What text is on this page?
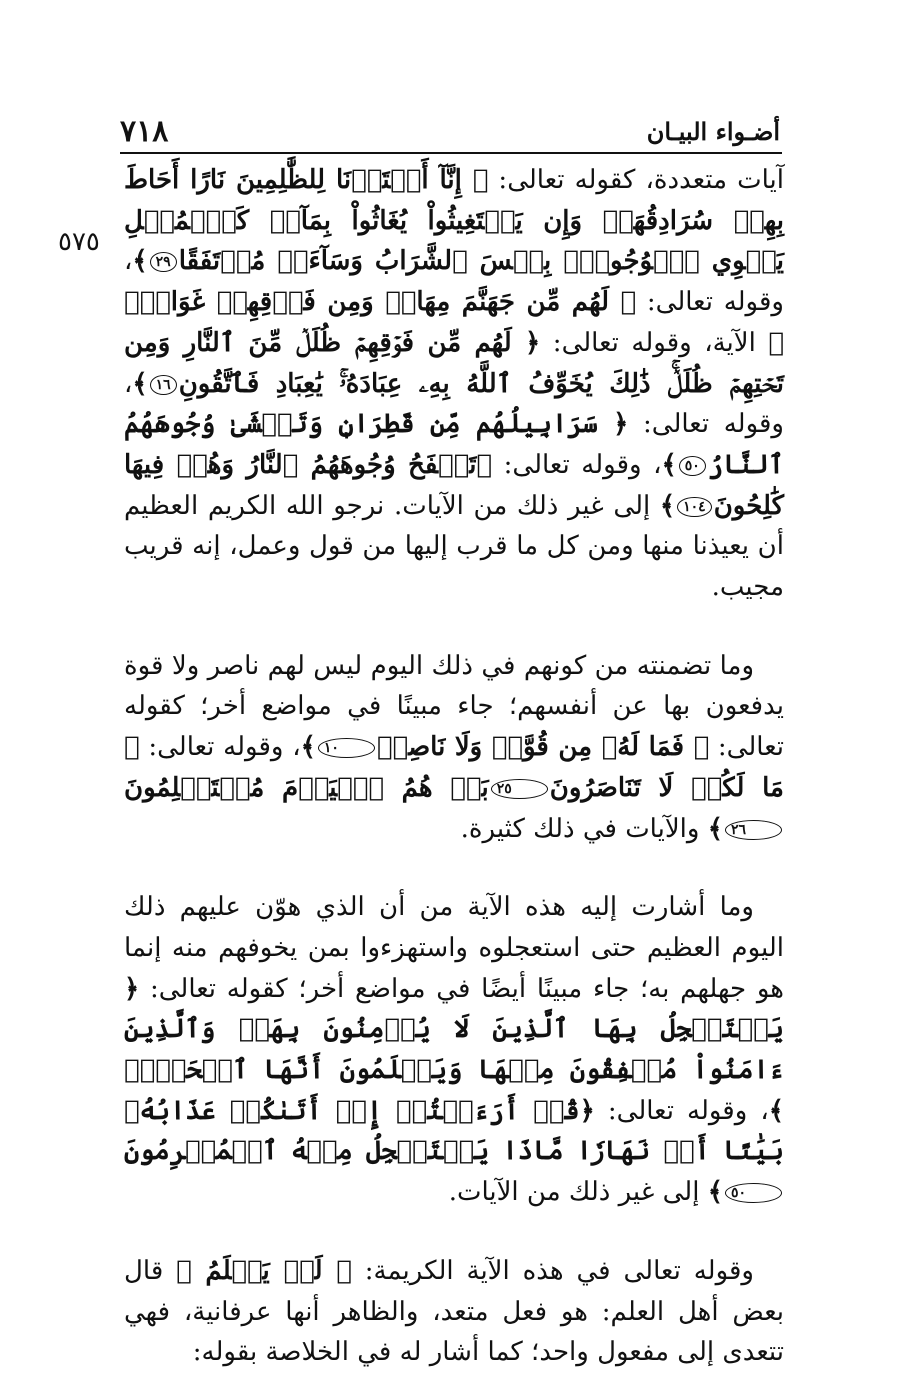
٧١٨	أضـواء البيـان
٥٧٥

آيات متعددة، كقوله تعالى: ﴿ إِنَّآ أَعۡتَدۡنَا لِلظَّٰلِمِينَ نَارًا أَحَاطَ بِهِمۡ سُرَادِقُهَاۚ وَإِن يَسۡتَغِيثُواْ يُغَاثُواْ بِمَآءٖ كَٱلۡمُهۡلِ يَشۡوِي ٱلۡوُجُوهَۚ بِئۡسَ ٱلشَّرَابُ وَسَآءَتۡ مُرۡتَفَقًا٢٩﴾، وقوله تعالى: ﴿ لَهُم مِّن جَهَنَّمَ مِهَادٞ وَمِن فَوۡقِهِمۡ غَوَاشٖۚ ﴾ الآية، وقوله تعالى: ﴿ لَهُم مِّن فَوۡقِهِمۡ ظُلَلٞ مِّنَ ٱلنَّارِ وَمِن تَحۡتِهِمۡ ظُلَلٞۚ ذَٰلِكَ يُخَوِّفُ ٱللَّهُ بِهِۦ عِبَادَهُۥۚ يَٰعِبَادِ فَٱتَّقُونِ١٦﴾، وقوله تعالى: ﴿ سَرَابِيلُهُم مِّن قَطِرَانٖ وَتَغۡشَىٰ وُجُوهَهُمُ ٱلنَّارُ٥٠﴾، وقوله تعالى: ﴿تَلۡفَحُ وُجُوهَهُمُ ٱلنَّارُ وَهُمۡ فِيهَا كَٰلِحُونَ١٠٤﴾ إلى غير ذلك من الآيات. نرجو الله الكريم العظيم أن يعيذنا منها ومن كل ما قرب إليها من قول وعمل، إنه قريب مجيب.

وما تضمنته من كونهم في ذلك اليوم ليس لهم ناصر ولا قوة يدفعون بها عن أنفسهم؛ جاء مبينًا في مواضع أخر؛ كقوله تعالى: ﴿ فَمَا لَهُۥ مِن قُوَّةٖ وَلَا نَاصِرٖ١٠﴾، وقوله تعالى: ﴿ مَا لَكُمۡ لَا تَنَاصَرُونَ٢٥بَلۡ هُمُ ٱلۡيَوۡمَ مُسۡتَسۡلِمُونَ٢٦﴾ والآيات في ذلك كثيرة.

وما أشارت إليه هذه الآية من أن الذي هوّن عليهم ذلك اليوم العظيم حتى استعجلوه واستهزءوا بمن يخوفهم منه إنما هو جهلهم به؛ جاء مبينًا أيضًا في مواضع أخر؛ كقوله تعالى: ﴿ يَسۡتَعۡجِلُ بِهَا ٱلَّذِينَ لَا يُؤۡمِنُونَ بِهَاۖ وَٱلَّذِينَ ءَامَنُواْ مُشۡفِقُونَ مِنۡهَا وَيَعۡلَمُونَ أَنَّهَا ٱلۡحَقُّۗ ﴾، وقوله تعالى: ﴿قُلۡ أَرَءَيۡتُمۡ إِنۡ أَتَىٰكُمۡ عَذَابُهُۥ بَيَٰتًا أَوۡ نَهَارٗا مَّاذَا يَسۡتَعۡجِلُ مِنۡهُ ٱلۡمُجۡرِمُونَ٥٠﴾ إلى غير ذلك من الآيات.

وقوله تعالى في هذه الآية الكريمة: ﴿ لَوۡ يَعۡلَمُ ﴾ قال بعض أهل العلم: هو فعل متعد، والظاهر أنها عرفانية، فهي تتعدى إلى مفعول واحد؛ كما أشار له في الخلاصة بقوله:
